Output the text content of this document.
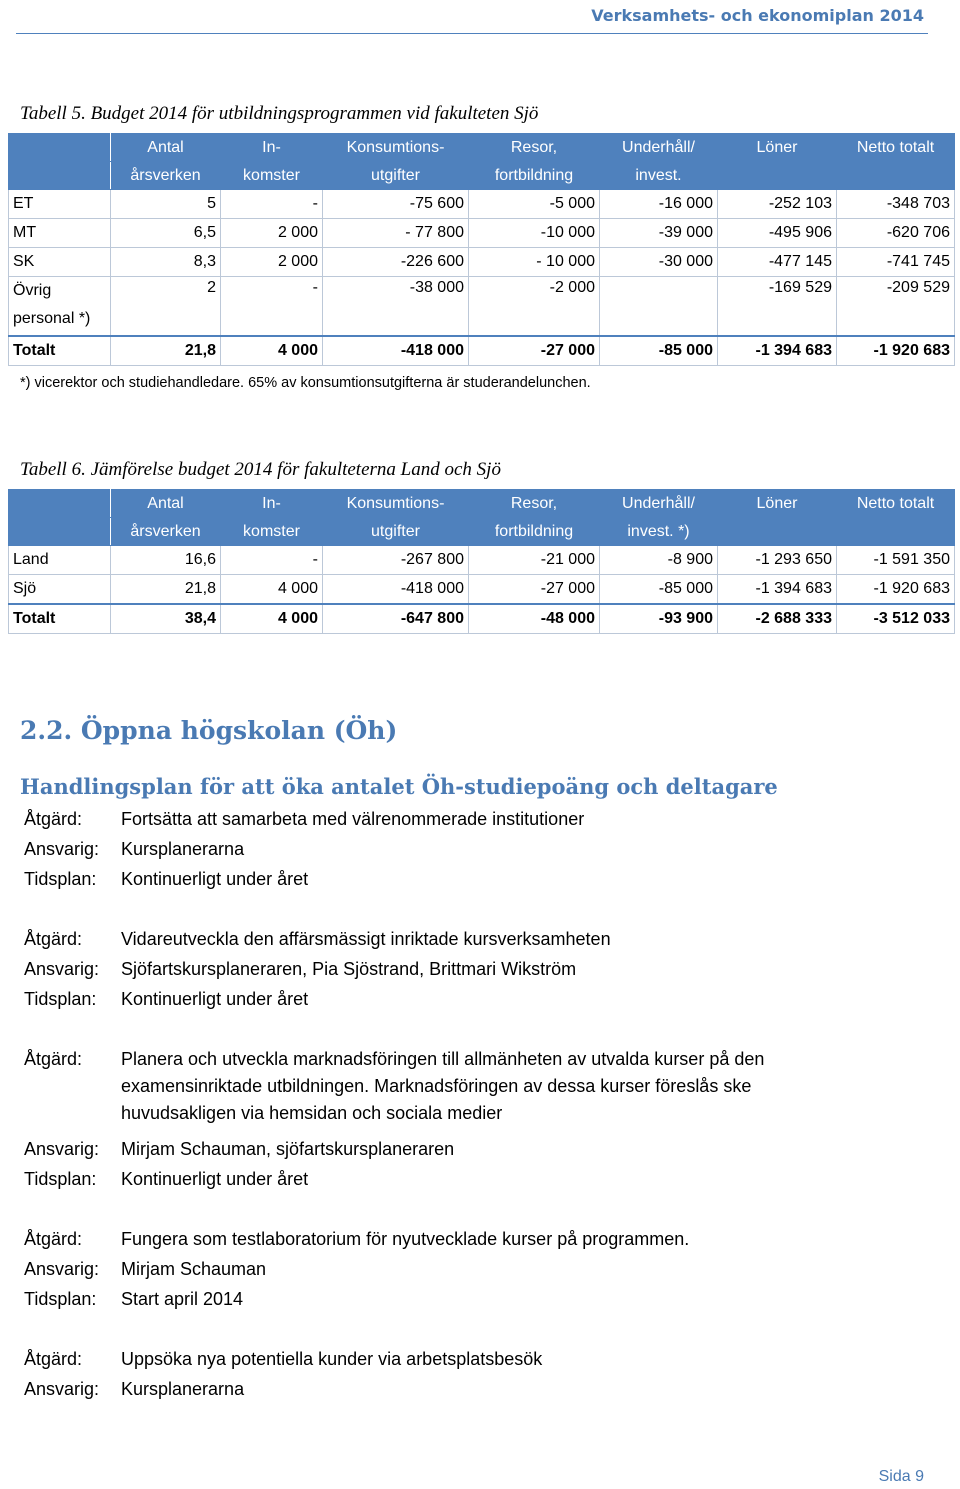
Verksamhets- och ekonomiplan 2014
Tabell 5. Budget 2014 för utbildningsprogrammen vid fakulteten Sjö
	Antal	In-	Konsumtions-	Resor,	Underhåll/	Löner	Netto totalt
	årsverken	komster	utgifter	fortbildning	invest.		
ET	5	-	-75 600	-5 000	-16 000	-252 103	-348 703
MT	6,5	2 000	- 77 800	-10 000	-39 000	-495 906	-620 706
SK	8,3	2 000	-226 600	- 10 000	-30 000	-477 145	-741 745
Övrig personal *)	2	-	-38 000	-2 000		-169 529	-209 529
Totalt	21,8	4 000	-418 000	-27 000	-85 000	-1 394 683	-1 920 683
*) vicerektor och studiehandledare. 65% av konsumtionsutgifterna är studerandelunchen.
Tabell 6. Jämförelse budget 2014 för fakulteterna Land och Sjö
	Antal	In-	Konsumtions-	Resor,	Underhåll/	Löner	Netto totalt
	årsverken	komster	utgifter	fortbildning	invest. *)		
Land	16,6	-	-267 800	-21 000	-8 900	-1 293 650	-1 591 350
Sjö	21,8	4 000	-418 000	-27 000	-85 000	-1 394 683	-1 920 683
Totalt	38,4	4 000	-647 800	-48 000	-93 900	-2 688 333	-3 512 033
2.2. Öppna högskolan (Öh)
Handlingsplan för att öka antalet Öh-studiepoäng och deltagare
Åtgärd: Fortsätta att samarbeta med välrenommerade institutioner
Ansvarig: Kursplanerarna
Tidsplan: Kontinuerligt under året
Åtgärd: Vidareutveckla den affärsmässigt inriktade kursverksamheten
Ansvarig: Sjöfartskursplaneraren, Pia Sjöstrand, Brittmari Wikström
Tidsplan: Kontinuerligt under året
Åtgärd: Planera och utveckla marknadsföringen till allmänheten av utvalda kurser på den examensinriktade utbildningen. Marknadsföringen av dessa kurser föreslås ske huvudsakligen via hemsidan och sociala medier
Ansvarig: Mirjam Schauman, sjöfartskursplaneraren
Tidsplan: Kontinuerligt under året
Åtgärd: Fungera som testlaboratorium för nyutvecklade kurser på programmen.
Ansvarig: Mirjam Schauman
Tidsplan: Start april 2014
Åtgärd: Uppsöka nya potentiella kunder via arbetsplatsbesök
Ansvarig: Kursplanerarna
Sida 9
